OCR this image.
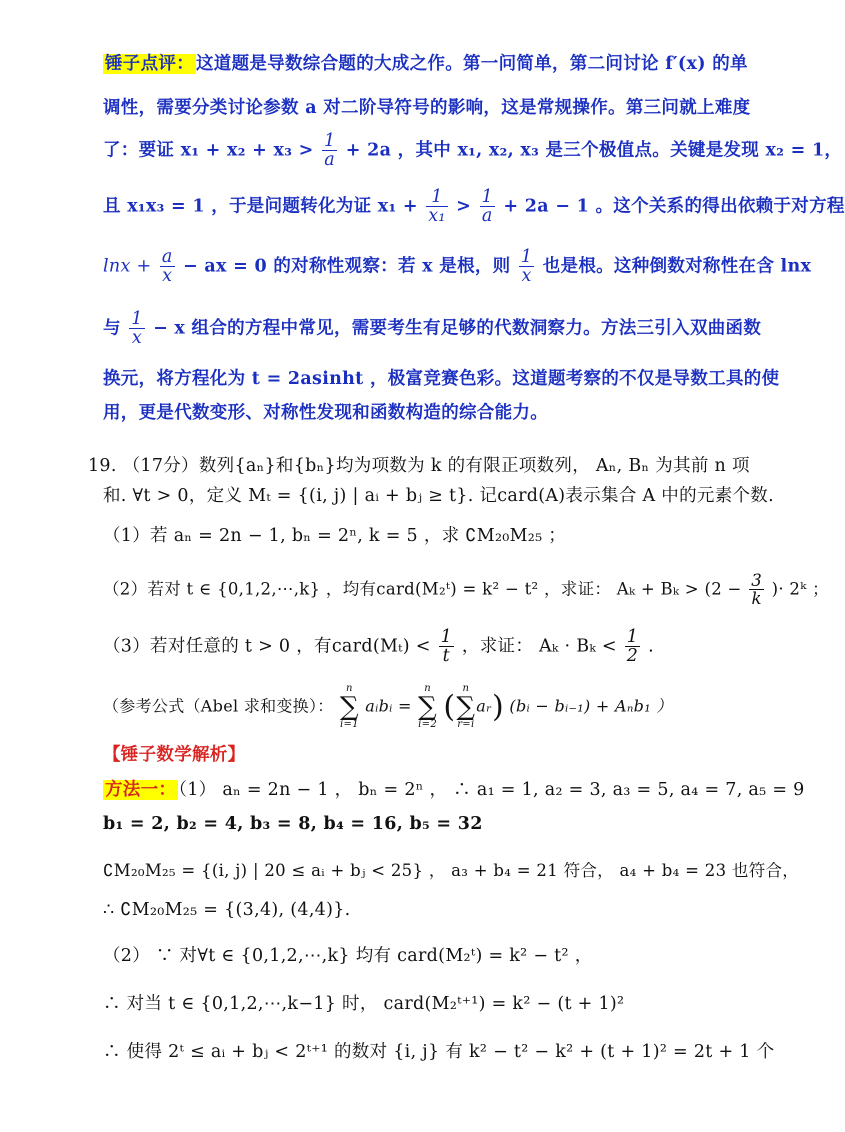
锤子点评： 这道题是导数综合题的大成之作。第一问简单，第二问讨论 f′(x) 的单
调性，需要分类讨论参数 a 对二阶导符号的影响，这是常规操作。第三问就上难度
了：要证 $x_1 + x_2 + x_3 > \frac{1}{a} + 2a$ ，其中 x₁, x₂, x₃ 是三个极值点。关键是发现 x₂ = 1，
且 x₁x₃ = 1 ，于是问题转化为证 $x_1 + \frac{1}{\text{x₁}} > \frac{1}{a} + 2a - 1$ 。这个关系的得出依赖于对方程
$\ln x + \frac{a}{x}$ − ax = 0 的对称性观察：若 x 是根，则 $\frac{1}{x}$ 也是根。这种倒数对称性在含 lnx
与 $\frac{1}{x} - x$ 组合的方程中常见，需要考生有足够的代数洞察力。方法三引入双曲函数
换元，将方程化为 t = 2asinht ，极富竞赛色彩。这道题考察的不仅是导数工具的使
用，更是代数变形、对称性发现和函数构造的综合能力。
19. （17分）数列{aₙ}和{bₙ}均为项数为 k 的有限正项数列， Aₙ, Bₙ 为其前 n 项
和. ∀t > 0，定义 Mₜ = {(i, j) | aᵢ + bⱼ ≥ t}. 记card(A)表示集合 A 中的元素个数.
（1）若 aₙ = 2n − 1, bₙ = 2ⁿ, k = 5 ，求 ∁M₂₀M₂₅ ；
（2）若对 t ∈ {0,1,2,⋯,k} ，均有card(M₂ᵗ) = k² − t² ，求证： $A_k + B_k > (2 - \frac{3}{k}$ )· 2ᵏ ；
（3）若对任意的 t > 0 ，有card(Mₜ) < $\frac{1}{t}$ ，求证： $A_k \cdot B_k < \frac{1}{2}$ .
（参考公式（Abel 求和变换）：
n
∑
i=1
aᵢbᵢ =
n
∑
i=2 (
n
∑
r=i
aᵣ) (bᵢ − bᵢ₋₁) + Aₙb₁ ）
【锤子数学解析】
方法一： （1） aₙ = 2n − 1 ， bₙ = 2ⁿ ， ∴ a₁ = 1, a₂ = 3, a₃ = 5, a₄ = 7, a₅ = 9
b₁ = 2, b₂ = 4, b₃ = 8, b₄ = 16, b₅ = 32
∁M₂₀M₂₅ = {(i, j) | 20 ≤ aᵢ + bⱼ < 25} ， a₃ + b₄ = 21 符合， a₄ + b₄ = 23 也符合，
∴ ∁M₂₀M₂₅ = {(3,4), (4,4)}.
（2） ∵ 对∀t ∈ {0,1,2,⋯,k} 均有 card(M₂ᵗ) = k² − t² ，
∴ 对当 t ∈ {0,1,2,⋯,k−1} 时， card(M₂ᵗ⁺¹) = k² − (t + 1)²
∴ 使得 2ᵗ ≤ aᵢ + bⱼ < 2ᵗ⁺¹ 的数对 {i, j} 有 k² − t² − k² + (t + 1)² = 2t + 1 个
